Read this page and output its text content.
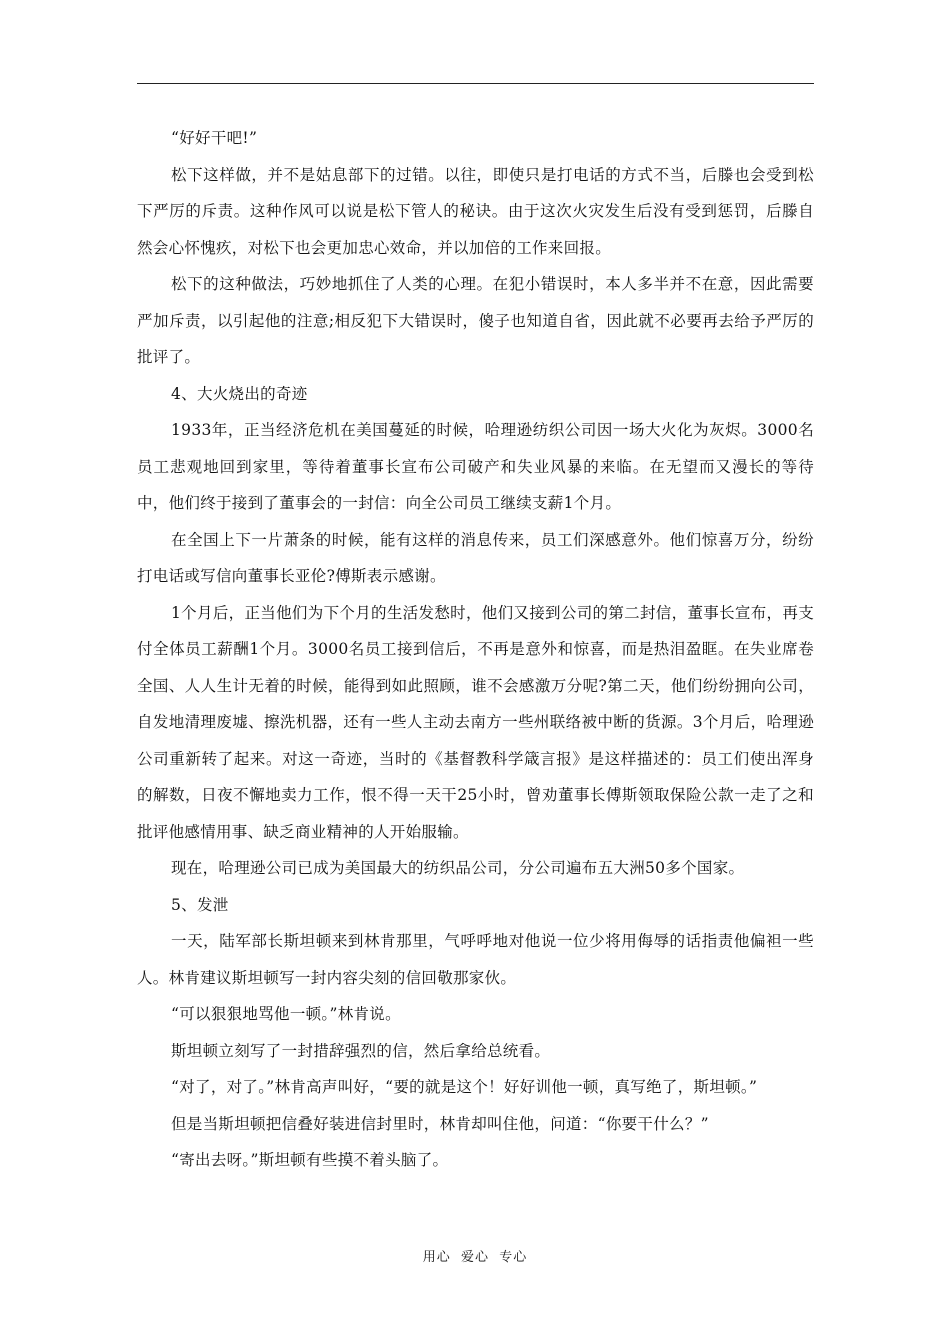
“好好干吧!”

松下这样做，并不是姑息部下的过错。以往，即使只是打电话的方式不当，后滕也会受到松下严厉的斥责。这种作风可以说是松下管人的秘诀。由于这次火灾发生后没有受到惩罚，后滕自然会心怀愧疚，对松下也会更加忠心效命，并以加倍的工作来回报。

松下的这种做法，巧妙地抓住了人类的心理。在犯小错误时，本人多半并不在意，因此需要严加斥责，以引起他的注意;相反犯下大错误时，傻子也知道自省，因此就不必要再去给予严厉的批评了。

4、大火烧出的奇迹

1933年，正当经济危机在美国蔓延的时候，哈理逊纺织公司因一场大火化为灰烬。3000名员工悲观地回到家里，等待着董事长宣布公司破产和失业风暴的来临。在无望而又漫长的等待中，他们终于接到了董事会的一封信：向全公司员工继续支薪1个月。

在全国上下一片萧条的时候，能有这样的消息传来，员工们深感意外。他们惊喜万分，纷纷打电话或写信向董事长亚伦?傅斯表示感谢。

1个月后，正当他们为下个月的生活发愁时，他们又接到公司的第二封信，董事长宣布，再支付全体员工薪酬1个月。3000名员工接到信后，不再是意外和惊喜，而是热泪盈眶。在失业席卷全国、人人生计无着的时候，能得到如此照顾，谁不会感激万分呢?第二天，他们纷纷拥向公司，自发地清理废墟、擦洗机器，还有一些人主动去南方一些州联络被中断的货源。3个月后，哈理逊公司重新转了起来。对这一奇迹，当时的《基督教科学箴言报》是这样描述的：员工们使出浑身的解数，日夜不懈地卖力工作，恨不得一天干25小时，曾劝董事长傅斯领取保险公款一走了之和批评他感情用事、缺乏商业精神的人开始服输。

现在，哈理逊公司已成为美国最大的纺织品公司，分公司遍布五大洲50多个国家。

5、发泄

一天，陆军部长斯坦顿来到林肯那里，气呼呼地对他说一位少将用侮辱的话指责他偏袒一些人。林肯建议斯坦顿写一封内容尖刻的信回敬那家伙。

“可以狠狠地骂他一顿。”林肯说。

斯坦顿立刻写了一封措辞强烈的信，然后拿给总统看。

“对了，对了。”林肯高声叫好，“要的就是这个！好好训他一顿，真写绝了，斯坦顿。”

但是当斯坦顿把信叠好装进信封里时，林肯却叫住他，问道：“你要干什么？”

“寄出去呀。”斯坦顿有些摸不着头脑了。

用心  爱心  专心
